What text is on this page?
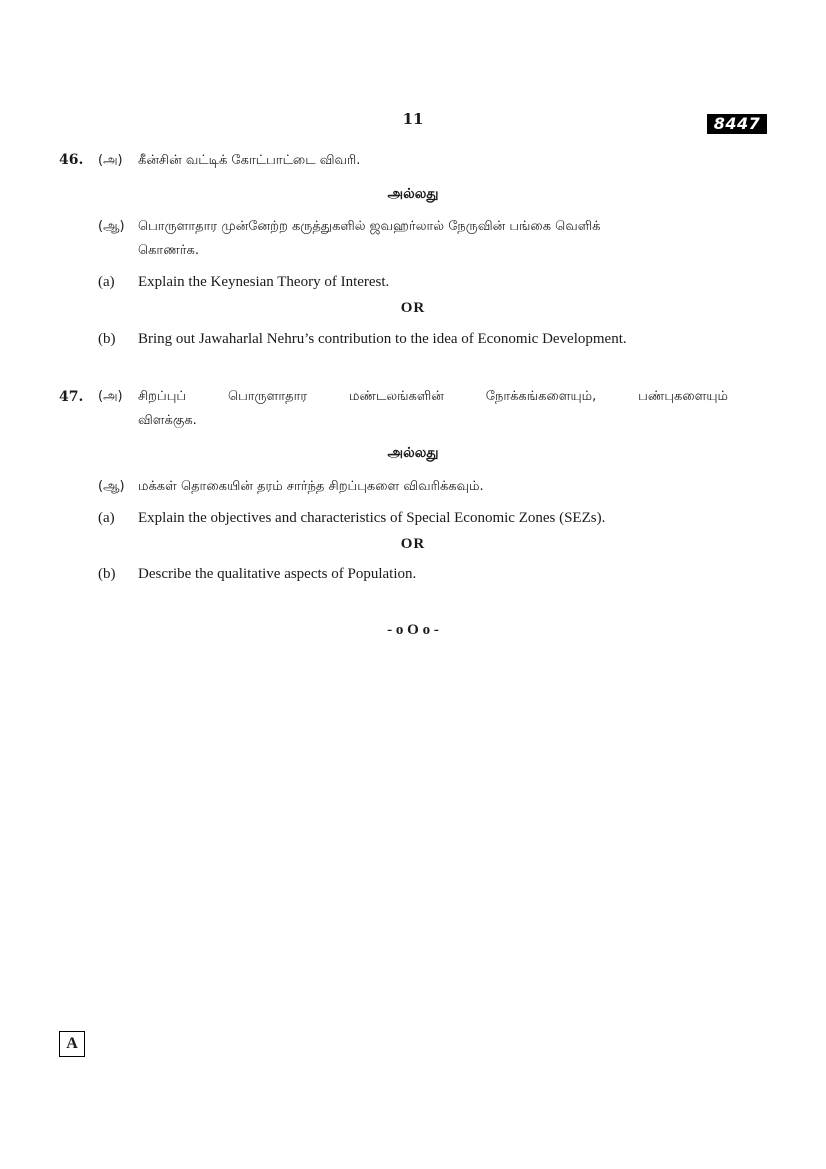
11	8447
46. (அ) கீன்சின் வட்டிக் கோட்பாட்டை விவரி.
அல்லது
(ஆ) பொருளாதார முன்னேற்ற கருத்துகளில் ஜவஹர்லால் நேருவின் பங்கை வெளிக்
கொணர்க.
(a) Explain the Keynesian Theory of Interest.
OR
(b) Bring out Jawaharlal Nehru’s contribution to the idea of Economic Development.
47. (அ) சிறப்புப் பொருளாதார மண்டலங்களின் நோக்கங்களையும், பண்புகளையும்
விளக்குக.
அல்லது
(ஆ) மக்கள் தொகையின் தரம் சார்ந்த சிறப்புகளை விவரிக்கவும்.
(a) Explain the objectives and characteristics of Special Economic Zones (SEZs).
OR
(b) Describe the qualitative aspects of Population.
- o O o -
A
